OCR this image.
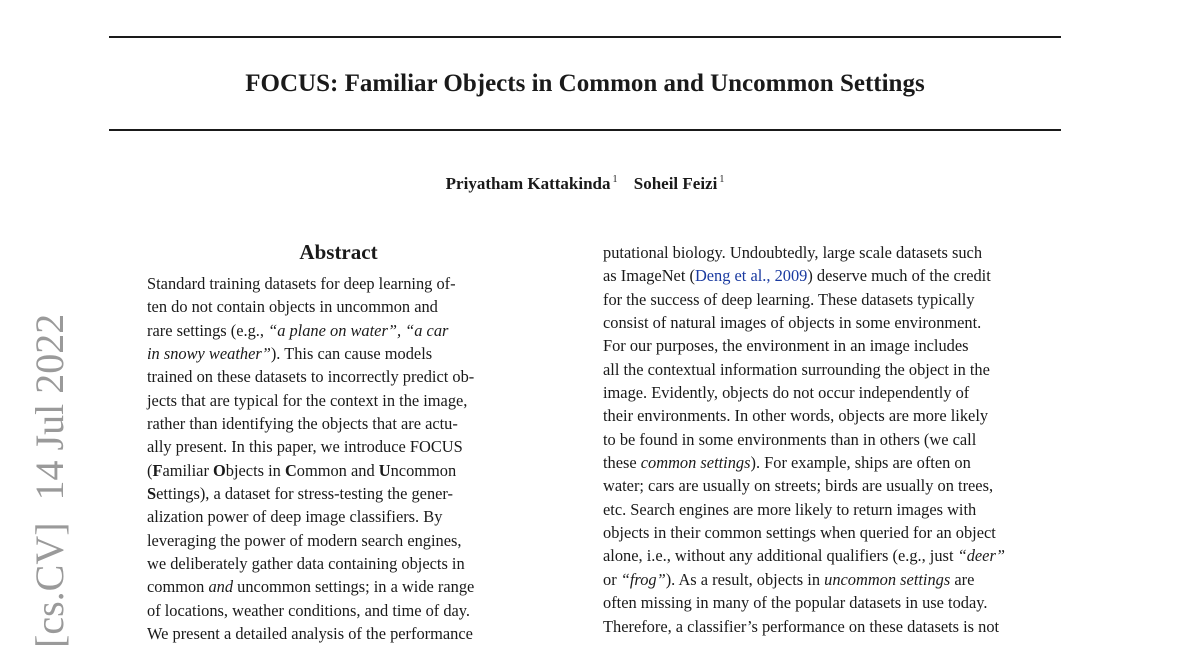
FOCUS: Familiar Objects in Common and Uncommon Settings
Priyatham Kattakinda $^1$ Soheil Feizi $^1$
[cs.CV]14 Jul 2022
Abstract
Standard training datasets for deep learning of-
ten do not contain objects in uncommon and
rare settings (e.g., “a plane on water”, “a car
in snowy weather”). This can cause models
trained on these datasets to incorrectly predict ob-
jects that are typical for the context in the image,
rather than identifying the objects that are actu-
ally present. In this paper, we introduce FOCUS
(Familiar Objects in Common and Uncommon
Settings), a dataset for stress-testing the gener-
alization power of deep image classifiers. By
leveraging the power of modern search engines,
we deliberately gather data containing objects in
common and uncommon settings; in a wide range
of locations, weather conditions, and time of day.
We present a detailed analysis of the performance
putational biology. Undoubtedly, large scale datasets such
as ImageNet (Deng et al., 2009) deserve much of the credit
for the success of deep learning. These datasets typically
consist of natural images of objects in some environment.
For our purposes, the environment in an image includes
all the contextual information surrounding the object in the
image. Evidently, objects do not occur independently of
their environments. In other words, objects are more likely
to be found in some environments than in others (we call
these common settings). For example, ships are often on
water; cars are usually on streets; birds are usually on trees,
etc. Search engines are more likely to return images with
objects in their common settings when queried for an object
alone, i.e., without any additional qualifiers (e.g., just “deer”
or “frog”). As a result, objects in uncommon settings are
often missing in many of the popular datasets in use today.
Therefore, a classifier’s performance on these datasets is not
